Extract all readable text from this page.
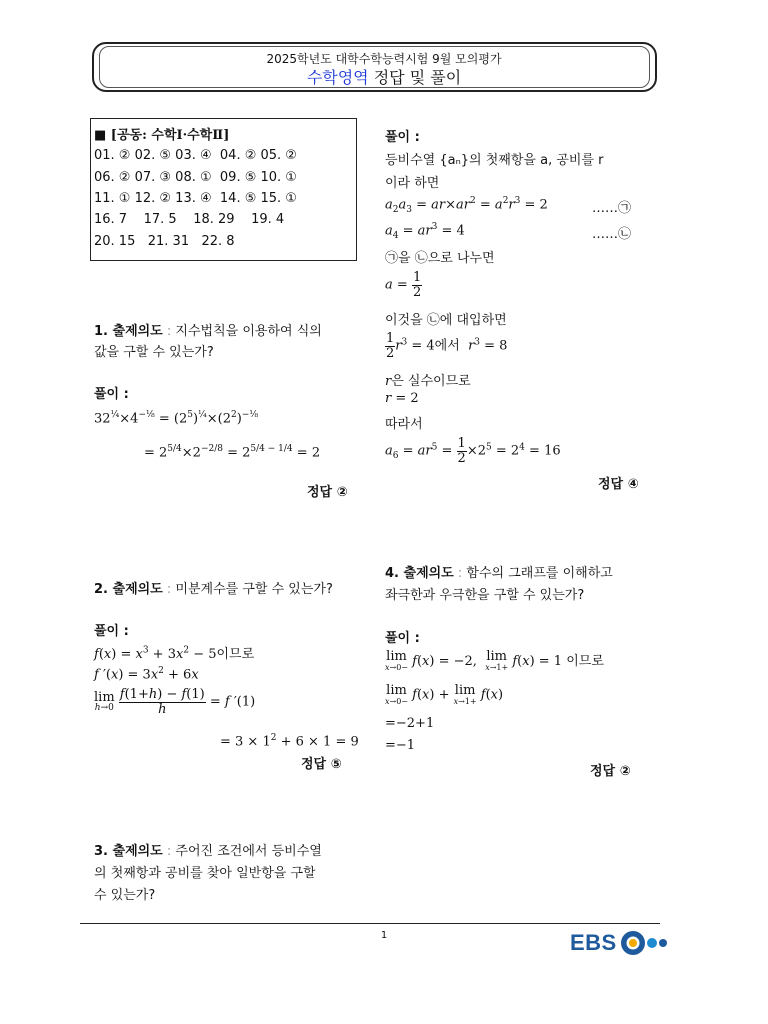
2025학년도 대학수학능력시험 9월 모의평가
수학영역 정답 및 풀이
■ [공동: 수학Ⅰ·수학Ⅱ]
01. ② 02. ⑤ 03. ④  04. ② 05. ②
06. ② 07. ③ 08. ①  09. ⑤ 10. ①
11. ① 12. ② 13. ④  14. ⑤ 15. ①
16. 7    17. 5    18. 29    19. 4
20. 15   21. 31   22. 8
1. 출제의도 : 지수법칙을 이용하여 식의
값을 구할 수 있는가?
풀이 :
$32^{\frac{1}{4}}\times 4^{-\frac{1}{8}} = (2^5)^{\frac{1}{4}}\times(2^2)^{-\frac{1}{8}}$
= $2^{5/4}\times 2^{-2/8} = 2^{5/4 - 1/4} = 2$
정답 ②
2. 출제의도 : 미분계수를 구할 수 있는가?
풀이 :
$f(x) = x^3 + 3x^2 - 5$이므로
f $'(x) = 3x^2 + 6x$
lim
h→0
$\frac{f(1+h) - f(1)}{h} = f$ ′(1)
= $3 \times 1^2 + 6 \times 1 = 9$
정답 ⑤
3. 출제의도 : 주어진 조건에서 등비수열
의 첫째항과 공비를 찾아 일반항을 구할
수 있는가?
풀이 :
등비수열 {aₙ}의 첫째항을 a, 공비를 r
이라 하면
$a_2a_3 = ar\times ar^2 = a^2r^3 = 2$	……㉠
$a_4 = ar^3 = 4$	……㉡
㉠을 ㉡으로 나누면
$a = \frac{1}{2}$
이것을 ㉡에 대입하면
$\frac{1}{2} r^3 = 4$에서 $r^3 = 8$
r은 실수이므로
r = 2
따라서
$a_6 = ar^5 = \frac{1}{2} \times 2^5 = 2^4 = 16$
정답 ④
4. 출제의도 : 함수의 그래프를 이해하고
좌극한과 우극한을 구할 수 있는가?
풀이 :
lim
x→0− f(x) = −2, lim
x→1+ f(x) = 1 이므로
lim
x→0− f(x) + lim
x→1+ f(x)
=−2+1
=−1
정답 ②
1	EBS
